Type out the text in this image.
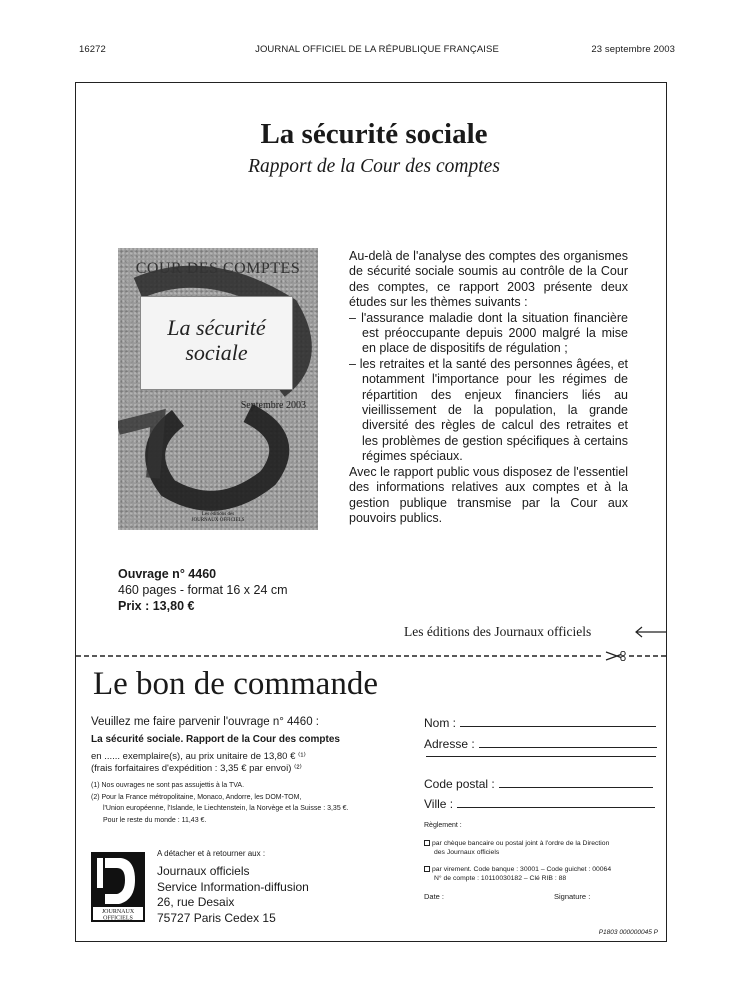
16272	JOURNAL OFFICIEL DE LA RÉPUBLIQUE FRANÇAISE	23 septembre 2003
La sécurité sociale
Rapport de la Cour des comptes
COUR DES COMPTES
La sécurité
sociale
Septembre 2003
Les éditions des
JOURNAUX OFFICIELS

Au-delà de l'analyse des comptes des organismes de sécurité sociale soumis au contrôle de la Cour des comptes, ce rapport 2003 présente deux études sur les thèmes suivants :

– l'assurance maladie dont la situation financière est préoccupante depuis 2000 malgré la mise en place de dispositifs de régulation ;
– les retraites et la santé des personnes âgées, et notamment l'importance pour les régimes de répartition des enjeux financiers liés au vieillissement de la population, la grande diversité des règles de calcul des retraites et les problèmes de gestion spécifiques à certains régimes spéciaux.

Avec le rapport public vous disposez de l'essentiel des informations relatives aux comptes et à la gestion publique transmise par la Cour aux pouvoirs publics.

Ouvrage n° 4460
460 pages - format 16 x 24 cm
Prix : 13,80 €
Les éditions des Journaux officiels
Le bon de commande
Veuillez me faire parvenir l'ouvrage n° 4460 :
La sécurité sociale. Rapport de la Cour des comptes
en ...... exemplaire(s), au prix unitaire de 13,80 € ⁽¹⁾
(frais forfaitaires d'expédition : 3,35 € par envoi) ⁽²⁾
(1) Nos ouvrages ne sont pas assujettis à la TVA.
(2) Pour la France métropolitaine, Monaco, Andorre, les DOM-TOM,
l'Union européenne, l'Islande, le Liechtenstein, la Norvège et la Suisse : 3,35 €.
Pour le reste du monde : 11,43 €.
JOURNAUX
OFFICIELS
A détacher et à retourner aux :
Journaux officiels
Service Information-diffusion
26, rue Desaix
75727 Paris Cedex 15
Nom :
Adresse :
Code postal :
Ville :
Règlement :
par chèque bancaire ou postal joint à l'ordre de la Direction
des Journaux officiels
par virement. Code banque : 30001 – Code guichet : 00064
N° de compte : 10110030182 – Clé RIB : 88
Date :	Signature :
P1803 000000045 P
